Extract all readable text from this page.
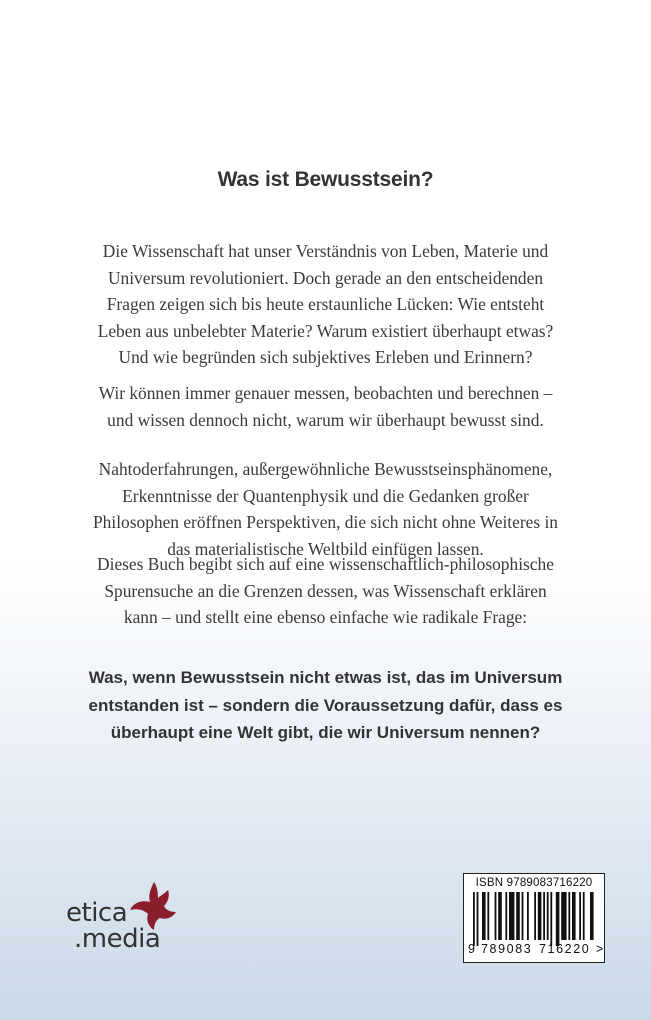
Was ist Bewusstsein?
Die Wissenschaft hat unser Verständnis von Leben, Materie und
Universum revolutioniert. Doch gerade an den entscheidenden
Fragen zeigen sich bis heute erstaunliche Lücken: Wie entsteht
Leben aus unbelebter Materie? Warum existiert überhaupt etwas?
Und wie begründen sich subjektives Erleben und Erinnern?
Wir können immer genauer messen, beobachten und berechnen –
und wissen dennoch nicht, warum wir überhaupt bewusst sind.
Nahtoderfahrungen, außergewöhnliche Bewusstseinsphänomene,
Erkenntnisse der Quantenphysik und die Gedanken großer
Philosophen eröffnen Perspektiven, die sich nicht ohne Weiteres in
das materialistische Weltbild einfügen lassen.
Dieses Buch begibt sich auf eine wissenschaftlich-philosophische
Spurensuche an die Grenzen dessen, was Wissenschaft erklären
kann – und stellt eine ebenso einfache wie radikale Frage:
Was, wenn Bewusstsein nicht etwas ist, das im Universum
entstanden ist – sondern die Voraussetzung dafür, dass es
überhaupt eine Welt gibt, die wir Universum nennen?
etica
.media
ISBN 9789083716220
9 789083 716220 >
